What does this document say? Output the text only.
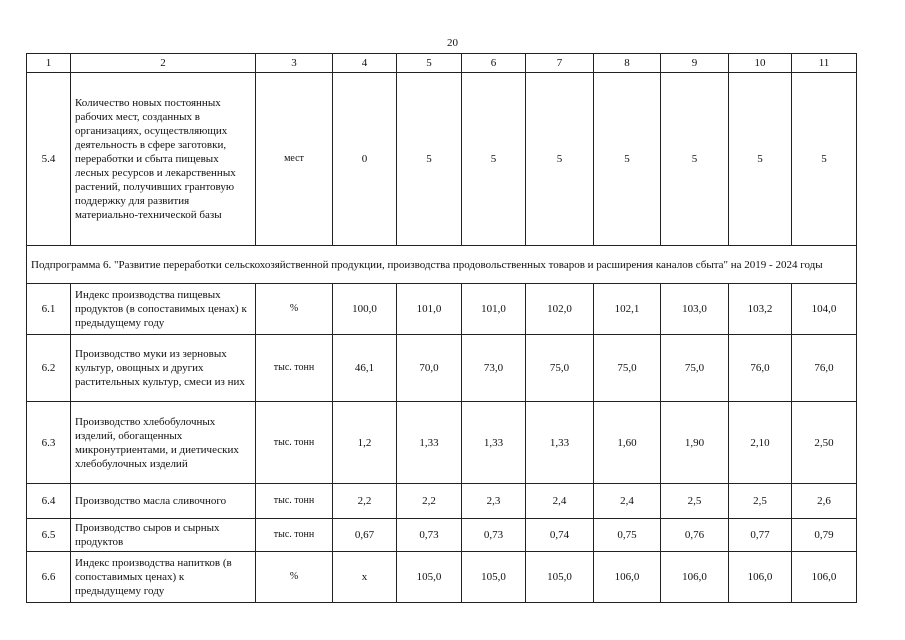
20
1	2	3	4	5	6	7	8	9	10	11
5.4	Количество новых постоянных рабочих мест, созданных в организациях, осуществляющих деятельность в сфере заготовки, переработки и сбыта пищевых лесных ресурсов и лекарственных растений, получивших грантовую поддержку для развития материально-технической базы	мест	0	5	5	5	5	5	5	5
Подпрограмма 6. "Развитие переработки сельскохозяйственной продукции, производства продовольственных товаров и расширения каналов сбыта" на 2019 - 2024 годы										
6.1	Индекс производства пищевых продуктов (в сопоставимых ценах) к предыдущему году	%	100,0	101,0	101,0	102,0	102,1	103,0	103,2	104,0
6.2	Производство муки из зерновых культур, овощных и других растительных культур, смеси из них	тыс. тонн	46,1	70,0	73,0	75,0	75,0	75,0	76,0	76,0
6.3	Производство хлебобулочных изделий, обогащенных микронутриентами, и диетических хлебобулочных изделий	тыс. тонн	1,2	1,33	1,33	1,33	1,60	1,90	2,10	2,50
6.4	Производство масла сливочного	тыс. тонн	2,2	2,2	2,3	2,4	2,4	2,5	2,5	2,6
6.5	Производство сыров и сырных продуктов	тыс. тонн	0,67	0,73	0,73	0,74	0,75	0,76	0,77	0,79
6.6	Индекс производства напитков (в сопоставимых ценах) к предыдущему году	%	x	105,0	105,0	105,0	106,0	106,0	106,0	106,0
